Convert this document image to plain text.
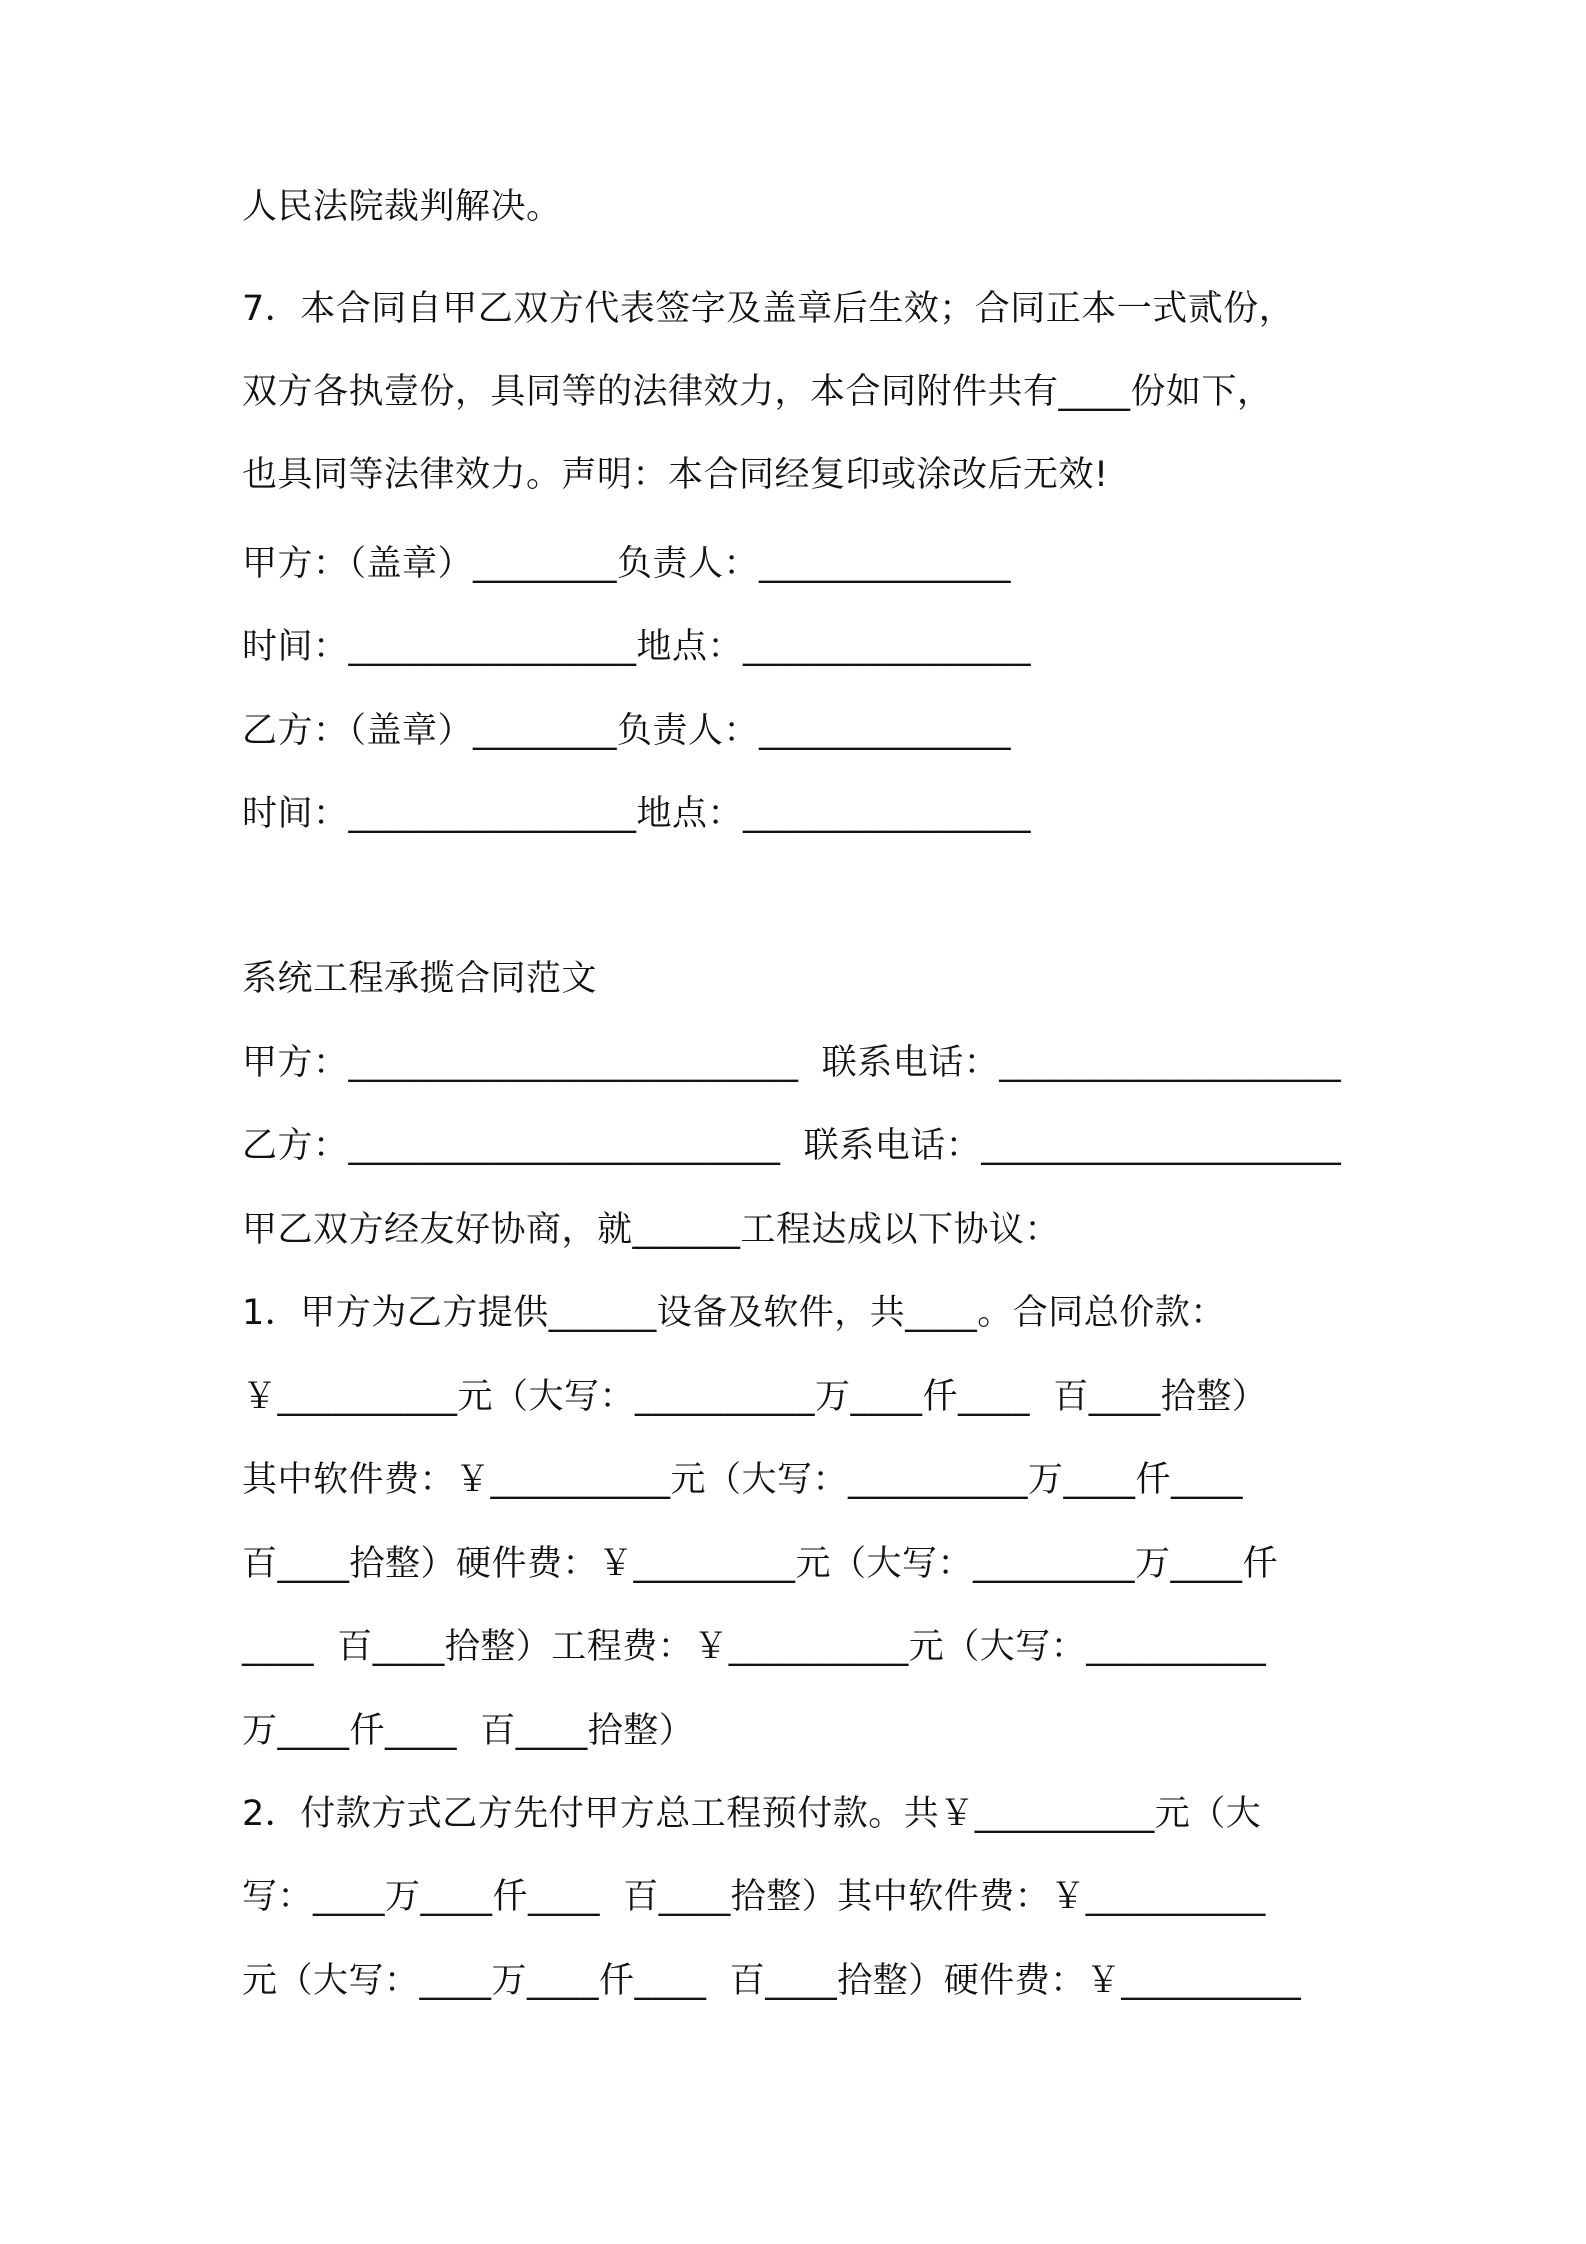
人民法院裁判解决。
7．本合同自甲乙双方代表签字及盖章后生效；合同正本一式贰份，
双方各执壹份，具同等的法律效力，本合同附件共有____份如下，
也具同等法律效力。声明：本合同经复印或涂改后无效!
甲方：（盖章）________负责人：______________
时间：________________地点：________________
乙方：（盖章）________负责人：______________
时间：________________地点：________________
系统工程承揽合同范文
甲方：_________________________  联系电话：___________________
乙方：________________________  联系电话：____________________
甲乙双方经友好协商，就______工程达成以下协议：
1．甲方为乙方提供______设备及软件，共____。合同总价款：
￥__________元（大写：__________万____仟____  百____拾整）
其中软件费：￥__________元（大写：__________万____仟____
百____拾整）硬件费：￥_________元（大写：_________万____仟
____  百____拾整）工程费：￥__________元（大写：__________
万____仟____  百____拾整）
2．付款方式乙方先付甲方总工程预付款。共￥__________元（大
写：____万____仟____  百____拾整）其中软件费：￥__________
元（大写：____万____仟____  百____拾整）硬件费：￥__________
